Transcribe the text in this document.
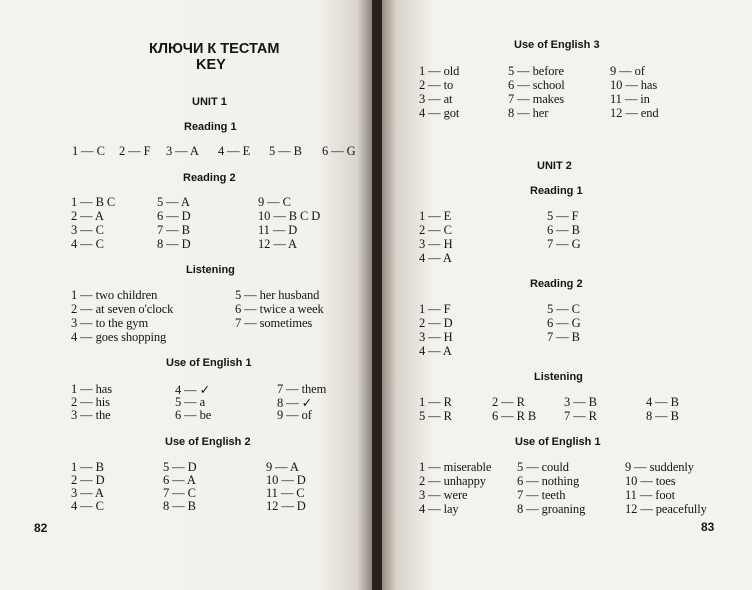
КЛЮЧИ К ТЕСТАМ
KEY
UNIT 1
Reading 1
1 — C 2 — F 3 — A 4 — E 5 — B 6 — G
Reading 2
1 — B C
2 — A
3 — C
4 — C
5 — A
6 — D
7 — B
8 — D
9 — C
10 — B C D
11 — D
12 — A
Listening
1 — two children
2 — at seven o'clock
3 — to the gym
4 — goes shopping
5 — her husband
6 — twice a week
7 — sometimes
Use of English 1
1 — has
2 — his
3 — the
4 — ✓
5 — a
6 — be
7 — them
8 — ✓
9 — of
Use of English 2
1 — B
2 — D
3 — A
4 — C
5 — D
6 — A
7 — C
8 — B
9 — A
10 — D
11 — C
12 — D
82
Use of English 3
1 — old
2 — to
3 — at
4 — got
5 — before
6 — school
7 — makes
8 — her
9 — of
10 — has
11 — in
12 — end
UNIT 2
Reading 1
1 — E
2 — C
3 — H
4 — A
5 — F
6 — B
7 — G
Reading 2
1 — F
2 — D
3 — H
4 — A
5 — C
6 — G
7 — B
Listening
1 — R	2 — R	3 — B	4 — B
5 — R	6 — R B 7 — R	8 — B
Use of English 1
1 — miserable
2 — unhappy
3 — were
4 — lay
5 — could
6 — nothing
7 — teeth
8 — groaning
9 — suddenly
10 — toes
11 — foot
12 — peacefully
83
